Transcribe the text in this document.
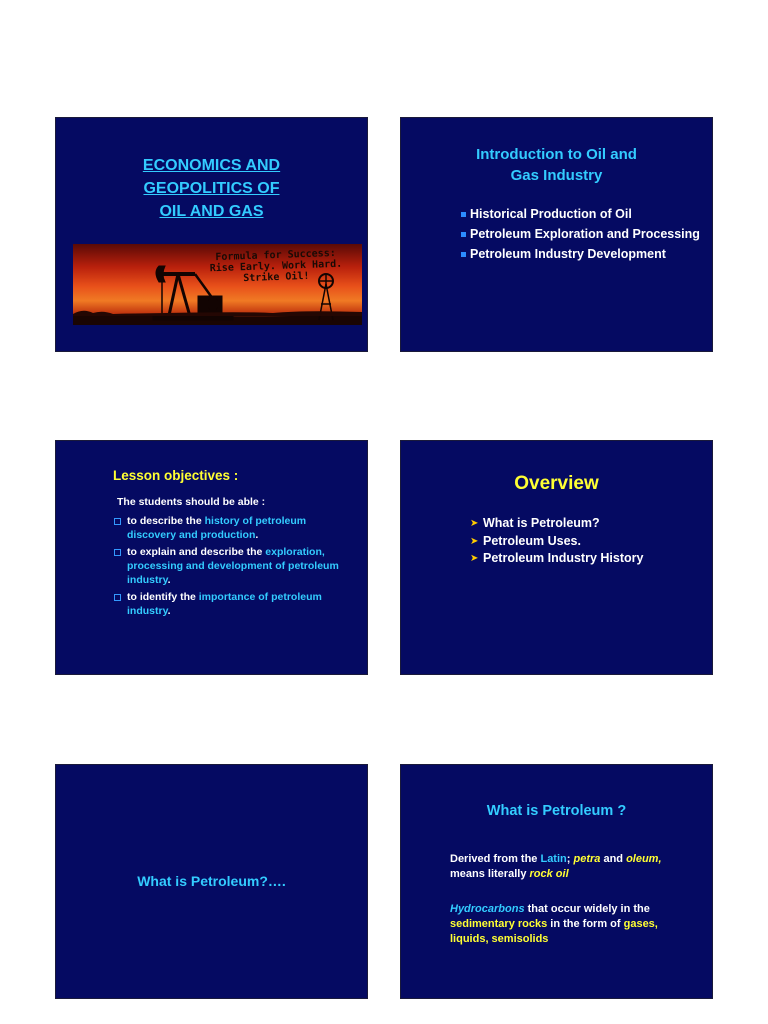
ECONOMICS AND
GEOPOLITICS OF
OIL AND GAS
Formula for Success:
Rise Early. Work Hard.
Strike Oil!
Introduction to Oil and
Gas Industry
Historical Production of Oil
Petroleum Exploration and Processing
Petroleum Industry Development
Lesson objectives :
The students should be able :
to describe the history of petroleum discovery and production.
to explain and describe the exploration, processing and development of petroleum industry.
to identify the importance of petroleum industry.
Overview
➤ What is Petroleum?
➤ Petroleum Uses.
➤ Petroleum Industry History
What is Petroleum?….
What is Petroleum ?
Derived from the Latin; petra and oleum,
means literally rock oil
Hydrocarbons that occur widely in the sedimentary rocks in the form of gases,
liquids, semisolids
